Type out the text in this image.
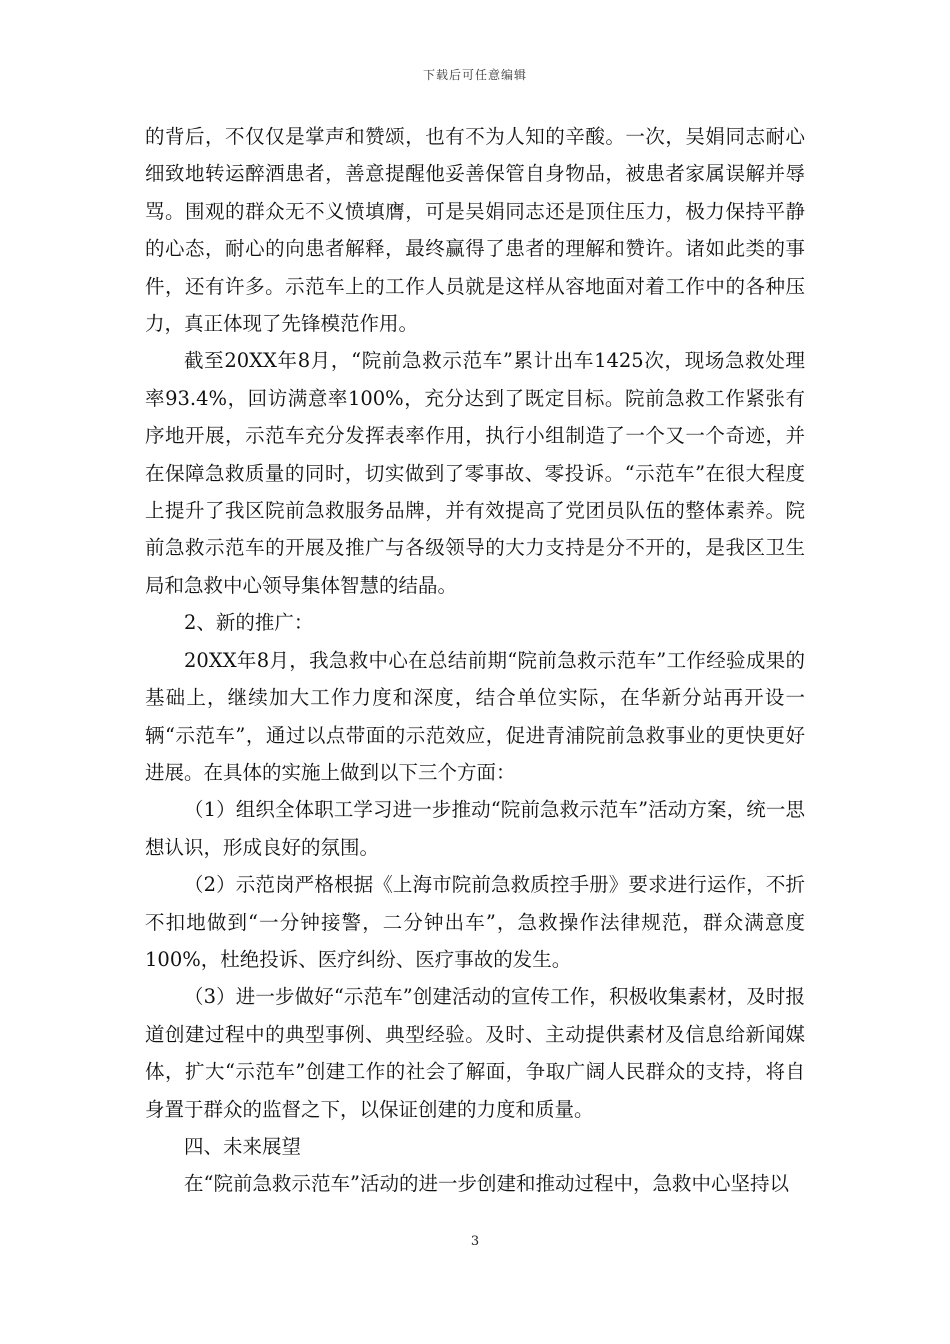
下载后可任意编辑

的背后，不仅仅是掌声和赞颂，也有不为人知的辛酸。一次，吴娟同志耐心细致地转运醉酒患者，善意提醒他妥善保管自身物品，被患者家属误解并辱骂。围观的群众无不义愤填膺，可是吴娟同志还是顶住压力，极力保持平静的心态，耐心的向患者解释，最终赢得了患者的理解和赞许。诸如此类的事件，还有许多。示范车上的工作人员就是这样从容地面对着工作中的各种压力，真正体现了先锋模范作用。

截至20XX年8月，“院前急救示范车”累计出车1425次，现场急救处理率93.4%，回访满意率100%，充分达到了既定目标。院前急救工作紧张有序地开展，示范车充分发挥表率作用，执行小组制造了一个又一个奇迹，并在保障急救质量的同时，切实做到了零事故、零投诉。“示范车”在很大程度上提升了我区院前急救服务品牌，并有效提高了党团员队伍的整体素养。院前急救示范车的开展及推广与各级领导的大力支持是分不开的，是我区卫生局和急救中心领导集体智慧的结晶。

2、新的推广：

20XX年8月，我急救中心在总结前期“院前急救示范车”工作经验成果的基础上，继续加大工作力度和深度，结合单位实际，在华新分站再开设一辆“示范车”，通过以点带面的示范效应，促进青浦院前急救事业的更快更好进展。在具体的实施上做到以下三个方面：

（1）组织全体职工学习进一步推动“院前急救示范车”活动方案，统一思想认识，形成良好的氛围。

（2）示范岗严格根据《上海市院前急救质控手册》要求进行运作，不折不扣地做到“一分钟接警，二分钟出车”，急救操作法律规范，群众满意度100%，杜绝投诉、医疗纠纷、医疗事故的发生。

（3）进一步做好“示范车”创建活动的宣传工作，积极收集素材，及时报道创建过程中的典型事例、典型经验。及时、主动提供素材及信息给新闻媒体，扩大“示范车”创建工作的社会了解面，争取广阔人民群众的支持，将自身置于群众的监督之下，以保证创建的力度和质量。

四、未来展望

在“院前急救示范车”活动的进一步创建和推动过程中，急救中心坚持以

3
